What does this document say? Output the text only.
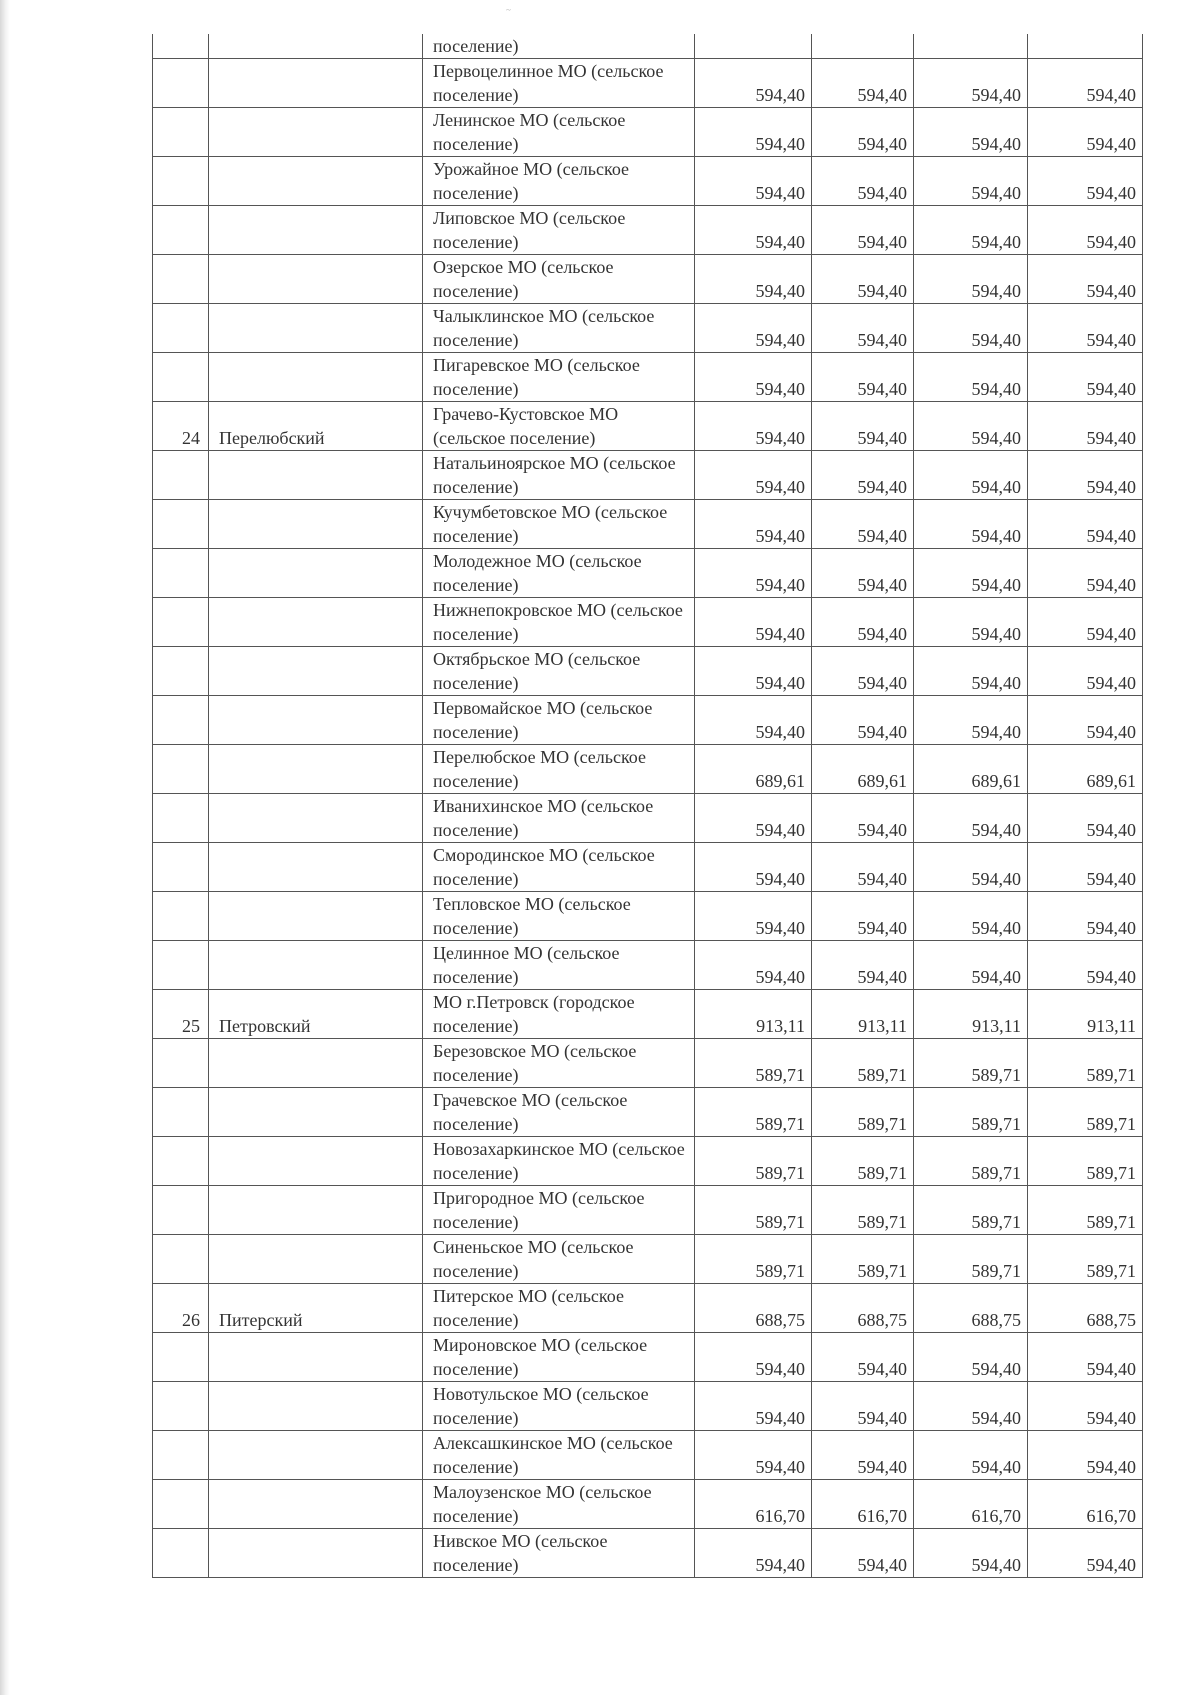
~

		поселение)				

		Первоцелинное МО (сельское поселение)	594,40	594,40	594,40	594,40

		Ленинское МО (сельское поселение)	594,40	594,40	594,40	594,40

		Урожайное МО (сельское поселение)	594,40	594,40	594,40	594,40

		Липовское МО (сельское поселение)	594,40	594,40	594,40	594,40

		Озерское МО (сельское поселение)	594,40	594,40	594,40	594,40

		Чалыклинское МО (сельское поселение)	594,40	594,40	594,40	594,40

		Пигаревское МО (сельское поселение)	594,40	594,40	594,40	594,40
24	Перелюбский	Грачево-Кустовское МО (сельское поселение)	594,40	594,40	594,40	594,40

		Натальиноярское МО (сельское поселение)	594,40	594,40	594,40	594,40

		Кучумбетовское МО (сельское поселение)	594,40	594,40	594,40	594,40

		Молодежное МО (сельское поселение)	594,40	594,40	594,40	594,40

		Нижнепокровское МО (сельское поселение)	594,40	594,40	594,40	594,40

		Октябрьское МО (сельское поселение)	594,40	594,40	594,40	594,40

		Первомайское МО (сельское поселение)	594,40	594,40	594,40	594,40

		Перелюбское МО (сельское поселение)	689,61	689,61	689,61	689,61

		Иванихинское МО (сельское поселение)	594,40	594,40	594,40	594,40

		Смородинское МО (сельское поселение)	594,40	594,40	594,40	594,40

		Тепловское МО (сельское поселение)	594,40	594,40	594,40	594,40

		Целинное МО (сельское поселение)	594,40	594,40	594,40	594,40
25	Петровский	МО г.Петровск (городское поселение)	913,11	913,11	913,11	913,11

		Березовское МО (сельское поселение)	589,71	589,71	589,71	589,71

		Грачевское МО (сельское поселение)	589,71	589,71	589,71	589,71

		Новозахаркинское МО (сельское поселение)	589,71	589,71	589,71	589,71

		Пригородное МО (сельское поселение)	589,71	589,71	589,71	589,71

		Синеньское МО (сельское поселение)	589,71	589,71	589,71	589,71
26	Питерский	Питерское МО (сельское поселение)	688,75	688,75	688,75	688,75

		Мироновское МО (сельское поселение)	594,40	594,40	594,40	594,40

		Новотульское МО (сельское поселение)	594,40	594,40	594,40	594,40

		Алексашкинское МО (сельское поселение)	594,40	594,40	594,40	594,40

		Малоузенское МО (сельское поселение)	616,70	616,70	616,70	616,70

		Нивское МО (сельское поселение)	594,40	594,40	594,40	594,40
